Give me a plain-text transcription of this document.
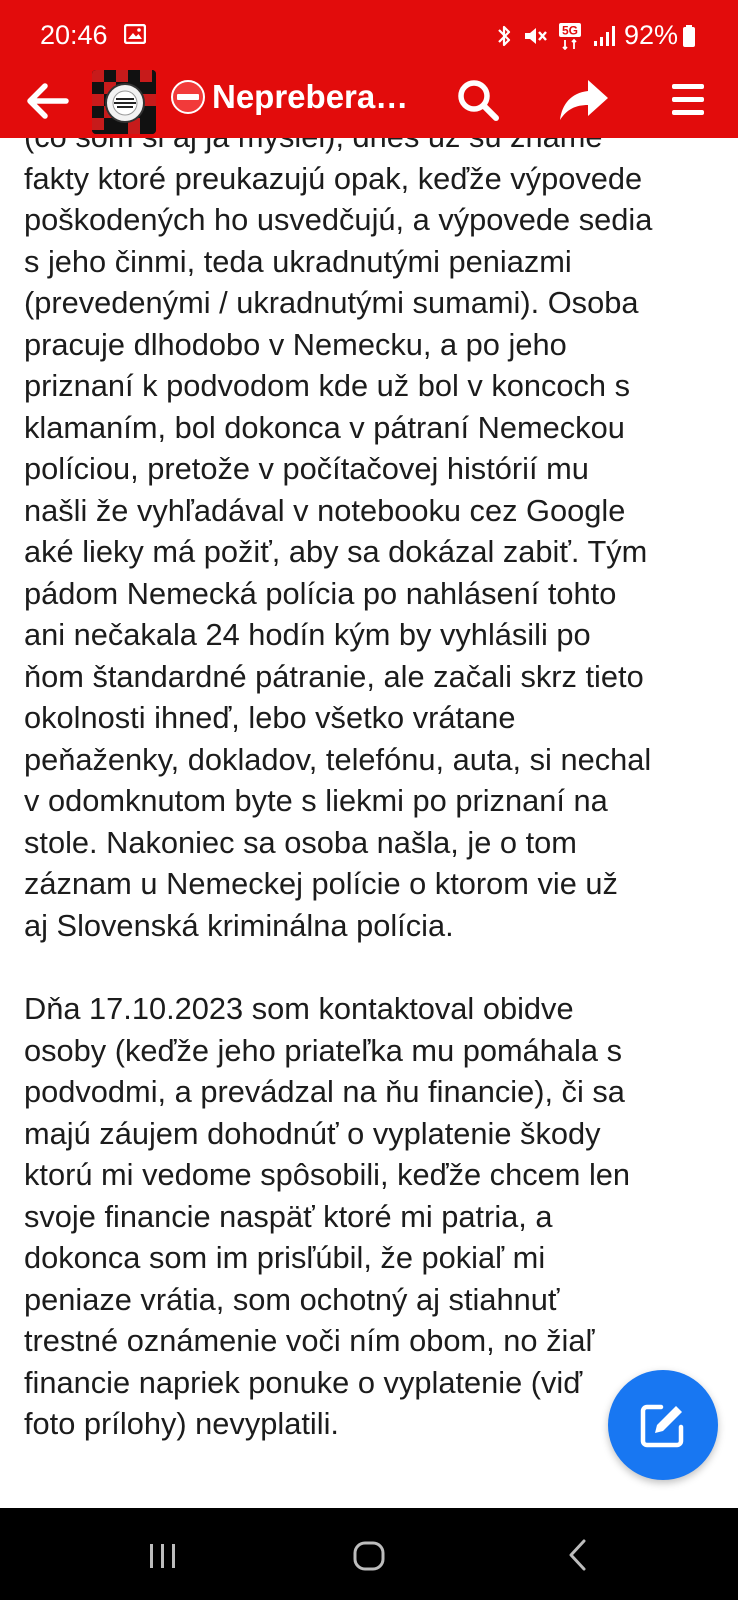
fakty ktoré preukazujú opak, keďže výpovede
poškodených ho usvedčujú, a výpovede sedia
s jeho činmi, teda ukradnutými peniazmi
(prevedenými / ukradnutými sumami). Osoba
pracuje dlhodobo v Nemecku, a po jeho
priznaní k podvodom kde už bol v koncoch s
klamaním, bol dokonca v pátraní Nemeckou
políciou, pretože v počítačovej histórií mu
našli že vyhľadával v notebooku cez Google
aké lieky má požiť, aby sa dokázal zabiť. Tým
pádom Nemecká polícia po nahlásení tohto
ani nečakala 24 hodín kým by vyhlásili po
ňom štandardné pátranie, ale začali skrz tieto
okolnosti ihneď, lebo všetko vrátane
peňaženky, dokladov, telefónu, auta, si nechal
v odomknutom byte s liekmi po priznaní na
stole. Nakoniec sa osoba našla, je o tom
záznam u Nemeckej polície o ktorom vie už
aj Slovenská kriminálna polícia.
Dňa 17.10.2023 som kontaktoval obidve
osoby (keďže jeho priateľka mu pomáhala s
podvodmi, a prevádzal na ňu financie), či sa
majú záujem dohodnúť o vyplatenie škody
ktorú mi vedome spôsobili, keďže chcem len
svoje financie naspäť ktoré mi patria, a
dokonca som im prisľúbil, že pokiaľ mi
peniaze vrátia, som ochotný aj stiahnuť
trestné oznámenie voči ním obom, no žiaľ
financie napriek ponuke o vyplatenie (viď
foto prílohy) nevyplatili.
20:46	5G 92%
Neprebera…
